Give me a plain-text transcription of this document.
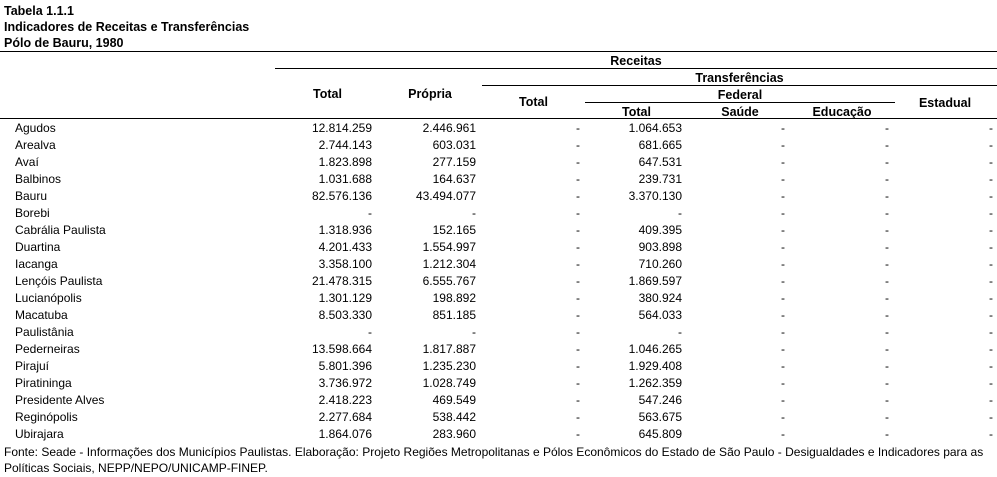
Tabela 1.1.1
Indicadores de Receitas e Transferências
Pólo de Bauru, 1980
Receitas
Total	Própria
Transferências
Total	Federal
Total	Saúde	Educação
Estadual
Agudos	12.814.259	2.446.961	-	1.064.653	-	-	-
Arealva	2.744.143	603.031	-	681.665	-	-	-
Avaí	1.823.898	277.159	-	647.531	-	-	-
Balbinos	1.031.688	164.637	-	239.731	-	-	-
Bauru	82.576.136	43.494.077	-	3.370.130	-	-	-
Borebi	-	-	-	-	-	-	-
Cabrália Paulista	1.318.936	152.165	-	409.395	-	-	-
Duartina	4.201.433	1.554.997	-	903.898	-	-	-
Iacanga	3.358.100	1.212.304	-	710.260	-	-	-
Lençóis Paulista	21.478.315	6.555.767	-	1.869.597	-	-	-
Lucianópolis	1.301.129	198.892	-	380.924	-	-	-
Macatuba	8.503.330	851.185	-	564.033	-	-	-
Paulistânia	-	-	-	-	-	-	-
Pederneiras	13.598.664	1.817.887	-	1.046.265	-	-	-
Pirajuí	5.801.396	1.235.230	-	1.929.408	-	-	-
Piratininga	3.736.972	1.028.749	-	1.262.359	-	-	-
Presidente Alves	2.418.223	469.549	-	547.246	-	-	-
Reginópolis	2.277.684	538.442	-	563.675	-	-	-
Ubirajara	1.864.076	283.960	-	645.809	-	-	-
Fonte: Seade - Informações dos Municípios Paulistas. Elaboração: Projeto Regiões Metropolitanas e Pólos Econômicos do Estado de São Paulo - Desigualdades e Indicadores para as Políticas Sociais, NEPP/NEPO/UNICAMP-FINEP.
